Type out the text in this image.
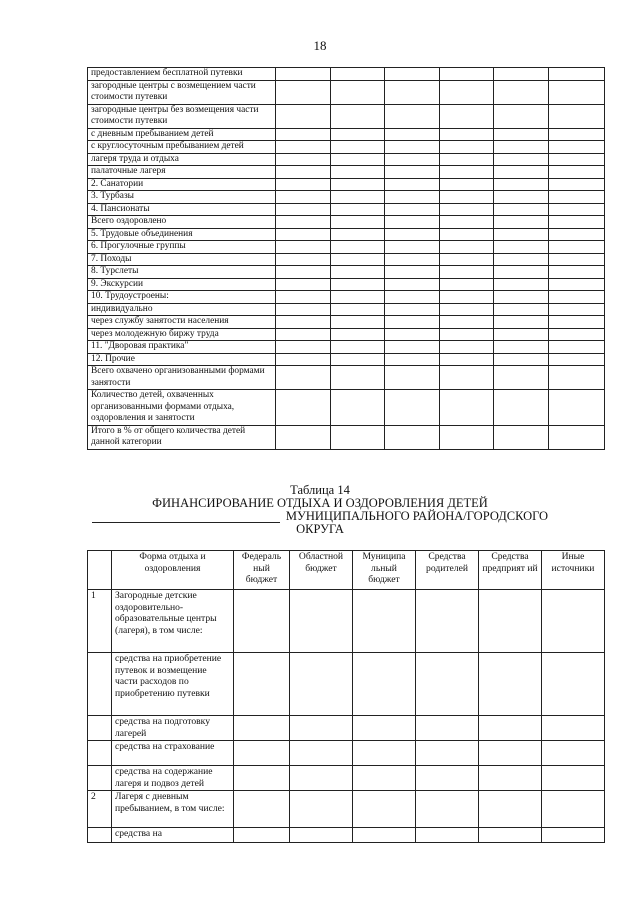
18
предоставлением бесплатной путевки						
загородные центры с возмещением части стоимости путевки						
загородные центры без возмещения части стоимости путевки						
с дневным пребыванием детей						
с круглосуточным пребыванием детей						
лагеря труда и отдыха						
палаточные лагеря						
2. Санатории						
3. Турбазы						
4. Пансионаты						
Всего оздоровлено						
5. Трудовые объединения						
6. Прогулочные группы						
7. Походы						
8. Турслеты						
9. Экскурсии						
10. Трудоустроены:						
индивидуально						
через службу занятости населения						
через молодежную биржу труда						
11. "Дворовая практика"						
12. Прочие						
Всего охвачено организованными формами занятости						
Количество детей, охваченных организованными формами отдыха, оздоровления и занятости						
Итого в % от общего количества детей данной категории						
Таблица 14
ФИНАНСИРОВАНИЕ ОТДЫХА И ОЗДОРОВЛЕНИЯ ДЕТЕЙ
МУНИЦИПАЛЬНОГО РАЙОНА/ГОРОДСКОГО
ОКРУГА
	Форма отдыха и оздоровления	Федераль ный бюджет	Областной бюджет	Муниципа льный бюджет	Средства родителей	Средства предприят ий	Иные источники
1	Загородные детские оздоровительно-образовательные центры (лагеря), в том числе:						
	средства на приобретение путевок и возмещение части расходов по приобретению путевки						
	средства на подготовку лагерей						
	средства на страхование						
	средства на содержание лагеря и подвоз детей						
2	Лагеря с дневным пребыванием, в том числе:						
	средства на						
